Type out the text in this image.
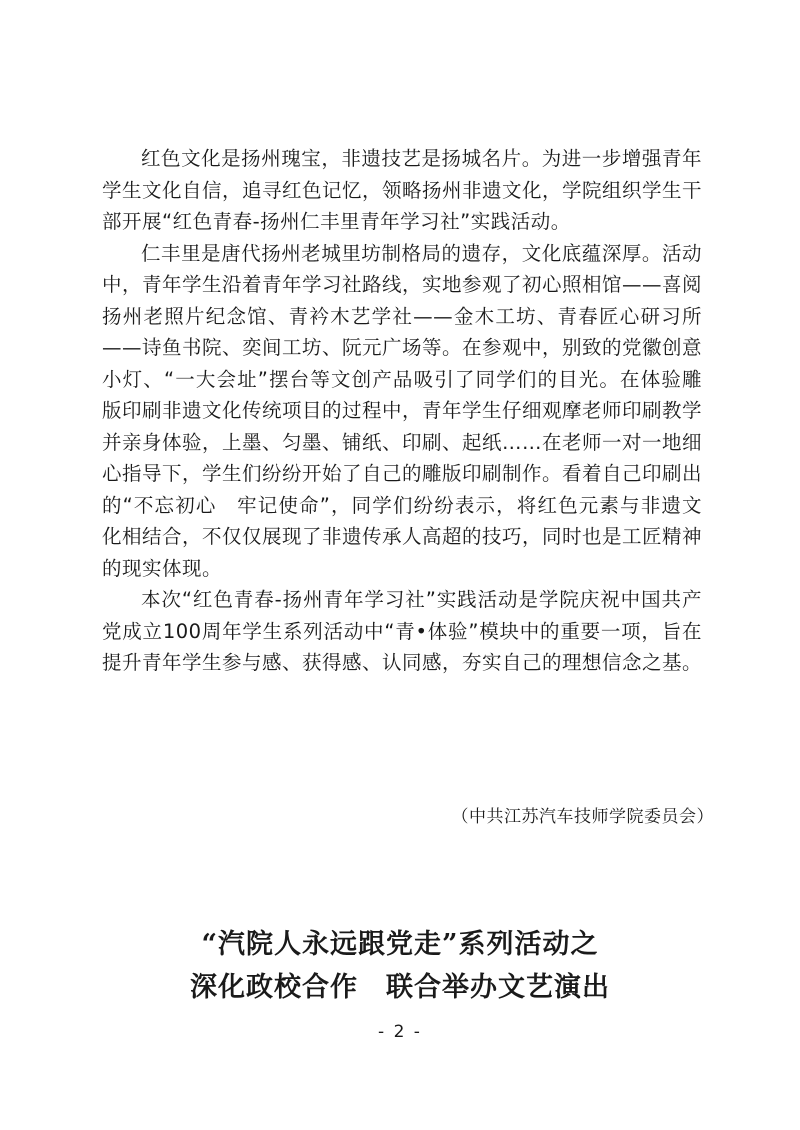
红色文化是扬州瑰宝，非遗技艺是扬城名片。为进一步增强青年学生文化自信，追寻红色记忆，领略扬州非遗文化，学院组织学生干部开展“红色青春-扬州仁丰里青年学习社”实践活动。

仁丰里是唐代扬州老城里坊制格局的遗存，文化底蕴深厚。活动中，青年学生沿着青年学习社路线，实地参观了初心照相馆——喜阅扬州老照片纪念馆、青衿木艺学社——金木工坊、青春匠心研习所——诗鱼书院、奕间工坊、阮元广场等。在参观中，别致的党徽创意小灯、“一大会址”摆台等文创产品吸引了同学们的目光。在体验雕版印刷非遗文化传统项目的过程中，青年学生仔细观摩老师印刷教学并亲身体验，上墨、匀墨、铺纸、印刷、起纸……在老师一对一地细心指导下，学生们纷纷开始了自己的雕版印刷制作。看着自己印刷出的“不忘初心　牢记使命”，同学们纷纷表示，将红色元素与非遗文化相结合，不仅仅展现了非遗传承人高超的技巧，同时也是工匠精神的现实体现。

本次“红色青春-扬州青年学习社”实践活动是学院庆祝中国共产党成立100周年学生系列活动中“青•体验”模块中的重要一项，旨在提升青年学生参与感、获得感、认同感，夯实自己的理想信念之基。

（中共江苏汽车技师学院委员会）
“汽院人永远跟党走”系列活动之
深化政校合作　联合举办文艺演出
- 2 -
